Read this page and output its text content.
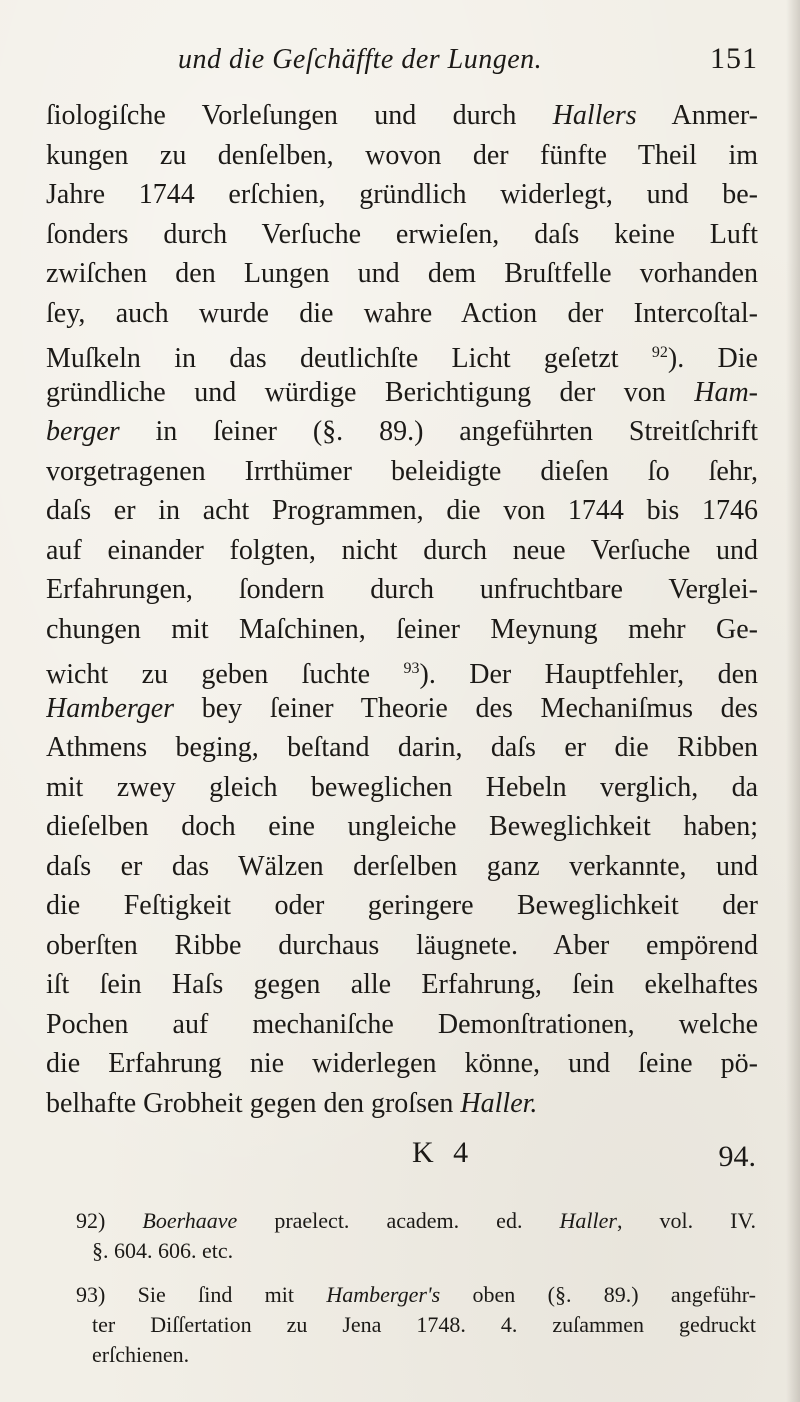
und die Geſchäffte der Lungen.	151
ſiologiſche Vorleſungen und durch Hallers Anmer-
kungen zu denſelben, wovon der fünfte Theil im
Jahre 1744 erſchien, gründlich widerlegt, und be-
ſonders durch Verſuche erwieſen, daſs keine Luft
zwiſchen den Lungen und dem Bruſtfelle vorhanden
ſey, auch wurde die wahre Action der Intercoſtal-
Muſkeln in das deutlichſte Licht geſetzt $^{92}$). Die
gründliche und würdige Berichtigung der von Ham-
berger in ſeiner (§. 89.) angeführten Streitſchrift
vorgetragenen Irrthümer beleidigte dieſen ſo ſehr,
daſs er in acht Programmen, die von 1744 bis 1746
auf einander folgten, nicht durch neue Verſuche und
Erfahrungen, ſondern durch unfruchtbare Verglei-
chungen mit Maſchinen, ſeiner Meynung mehr Ge-
wicht zu geben ſuchte $^{93}$). Der Hauptfehler, den
Hamberger bey ſeiner Theorie des Mechaniſmus des
Athmens beging, beſtand darin, daſs er die Ribben
mit zwey gleich beweglichen Hebeln verglich, da
dieſelben doch eine ungleiche Beweglichkeit haben;
daſs er das Wälzen derſelben ganz verkannte, und
die Feſtigkeit oder geringere Beweglichkeit der
oberſten Ribbe durchaus läugnete. Aber empörend
iſt ſein Haſs gegen alle Erfahrung, ſein ekelhaftes
Pochen auf mechaniſche Demonſtrationen, welche
die Erfahrung nie widerlegen könne, und ſeine pö-
belhafte Grobheit gegen den groſsen Haller.
K 4	94.
92) Boerhaave praelect. academ. ed. Haller, vol. IV.
§. 604. 606. etc.
93) Sie ſind mit Hamberger's oben (§. 89.) angeführ-
ter Diſſertation zu Jena 1748. 4. zuſammen gedruckt
erſchienen.
